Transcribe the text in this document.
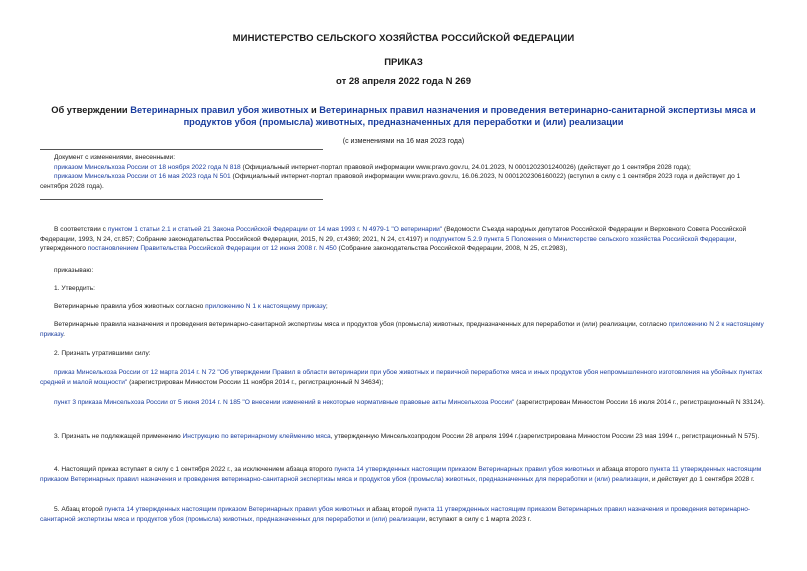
МИНИСТЕРСТВО СЕЛЬСКОГО ХОЗЯЙСТВА РОССИЙСКОЙ ФЕДЕРАЦИИ
ПРИКАЗ
от 28 апреля 2022 года N 269
Об утверждении Ветеринарных правил убоя животных и Ветеринарных правил назначения и проведения ветеринарно-санитарной экспертизы мяса и продуктов убоя (промысла) животных, предназначенных для переработки и (или) реализации
(с изменениями на 16 мая 2023 года)
Документ с изменениями, внесенными:
приказом Минсельхоза России от 18 ноября 2022 года N 818 (Официальный интернет-портал правовой информации www.pravo.gov.ru, 24.01.2023, N 0001202301240026) (действует до 1 сентября 2028 года);
приказом Минсельхоза России от 16 мая 2023 года N 501 (Официальный интернет-портал правовой информации www.pravo.gov.ru, 16.06.2023, N 0001202306160022) (вступил в силу с 1 сентября 2023 года и действует до 1 сентября 2028 года).
В соответствии с пунктом 1 статьи 2.1 и статьей 21 Закона Российской Федерации от 14 мая 1993 г. N 4979-1 "О ветеринарии" (Ведомости Съезда народных депутатов Российской Федерации и Верховного Совета Российской Федерации, 1993, N 24, ст.857; Собрание законодательства Российской Федерации, 2015, N 29, ст.4369; 2021, N 24, ст.4197) и подпунктом 5.2.9 пункта 5 Положения о Министерстве сельского хозяйства Российской Федерации, утвержденного постановлением Правительства Российской Федерации от 12 июня 2008 г. N 450 (Собрание законодательства Российской Федерации, 2008, N 25, ст.2983),
приказываю:
1. Утвердить:
Ветеринарные правила убоя животных согласно приложению N 1 к настоящему приказу;
Ветеринарные правила назначения и проведения ветеринарно-санитарной экспертизы мяса и продуктов убоя (промысла) животных, предназначенных для переработки и (или) реализации, согласно приложению N 2 к настоящему приказу.
2. Признать утратившими силу:
приказ Минсельхоза России от 12 марта 2014 г. N 72 "Об утверждении Правил в области ветеринарии при убое животных и первичной переработке мяса и иных продуктов убоя непромышленного изготовления на убойных пунктах средней и малой мощности" (зарегистрирован Минюстом России 11 ноября 2014 г., регистрационный N 34634);
пункт 3 приказа Минсельхоза России от 5 июня 2014 г. N 185 "О внесении изменений в некоторые нормативные правовые акты Минсельхоза России" (зарегистрирован Минюстом России 16 июля 2014 г., регистрационный N 33124).
3. Признать не подлежащей применению Инструкцию по ветеринарному клеймению мяса, утвержденную Минсельхозпродом России 28 апреля 1994 г.(зарегистрирована Минюстом России 23 мая 1994 г., регистрационный N 575).
4. Настоящий приказ вступает в силу с 1 сентября 2022 г., за исключением абзаца второго пункта 14 утвержденных настоящим приказом Ветеринарных правил убоя животных и абзаца второго пункта 11 утвержденных настоящим приказом Ветеринарных правил назначения и проведения ветеринарно-санитарной экспертизы мяса и продуктов убоя (промысла) животных, предназначенных для переработки и (или) реализации, и действует до 1 сентября 2028 г.
5. Абзац второй пункта 14 утвержденных настоящим приказом Ветеринарных правил убоя животных и абзац второй пункта 11 утвержденных настоящим приказом Ветеринарных правил назначения и проведения ветеринарно-санитарной экспертизы мяса и продуктов убоя (промысла) животных, предназначенных для переработки и (или) реализации, вступают в силу с 1 марта 2023 г.
